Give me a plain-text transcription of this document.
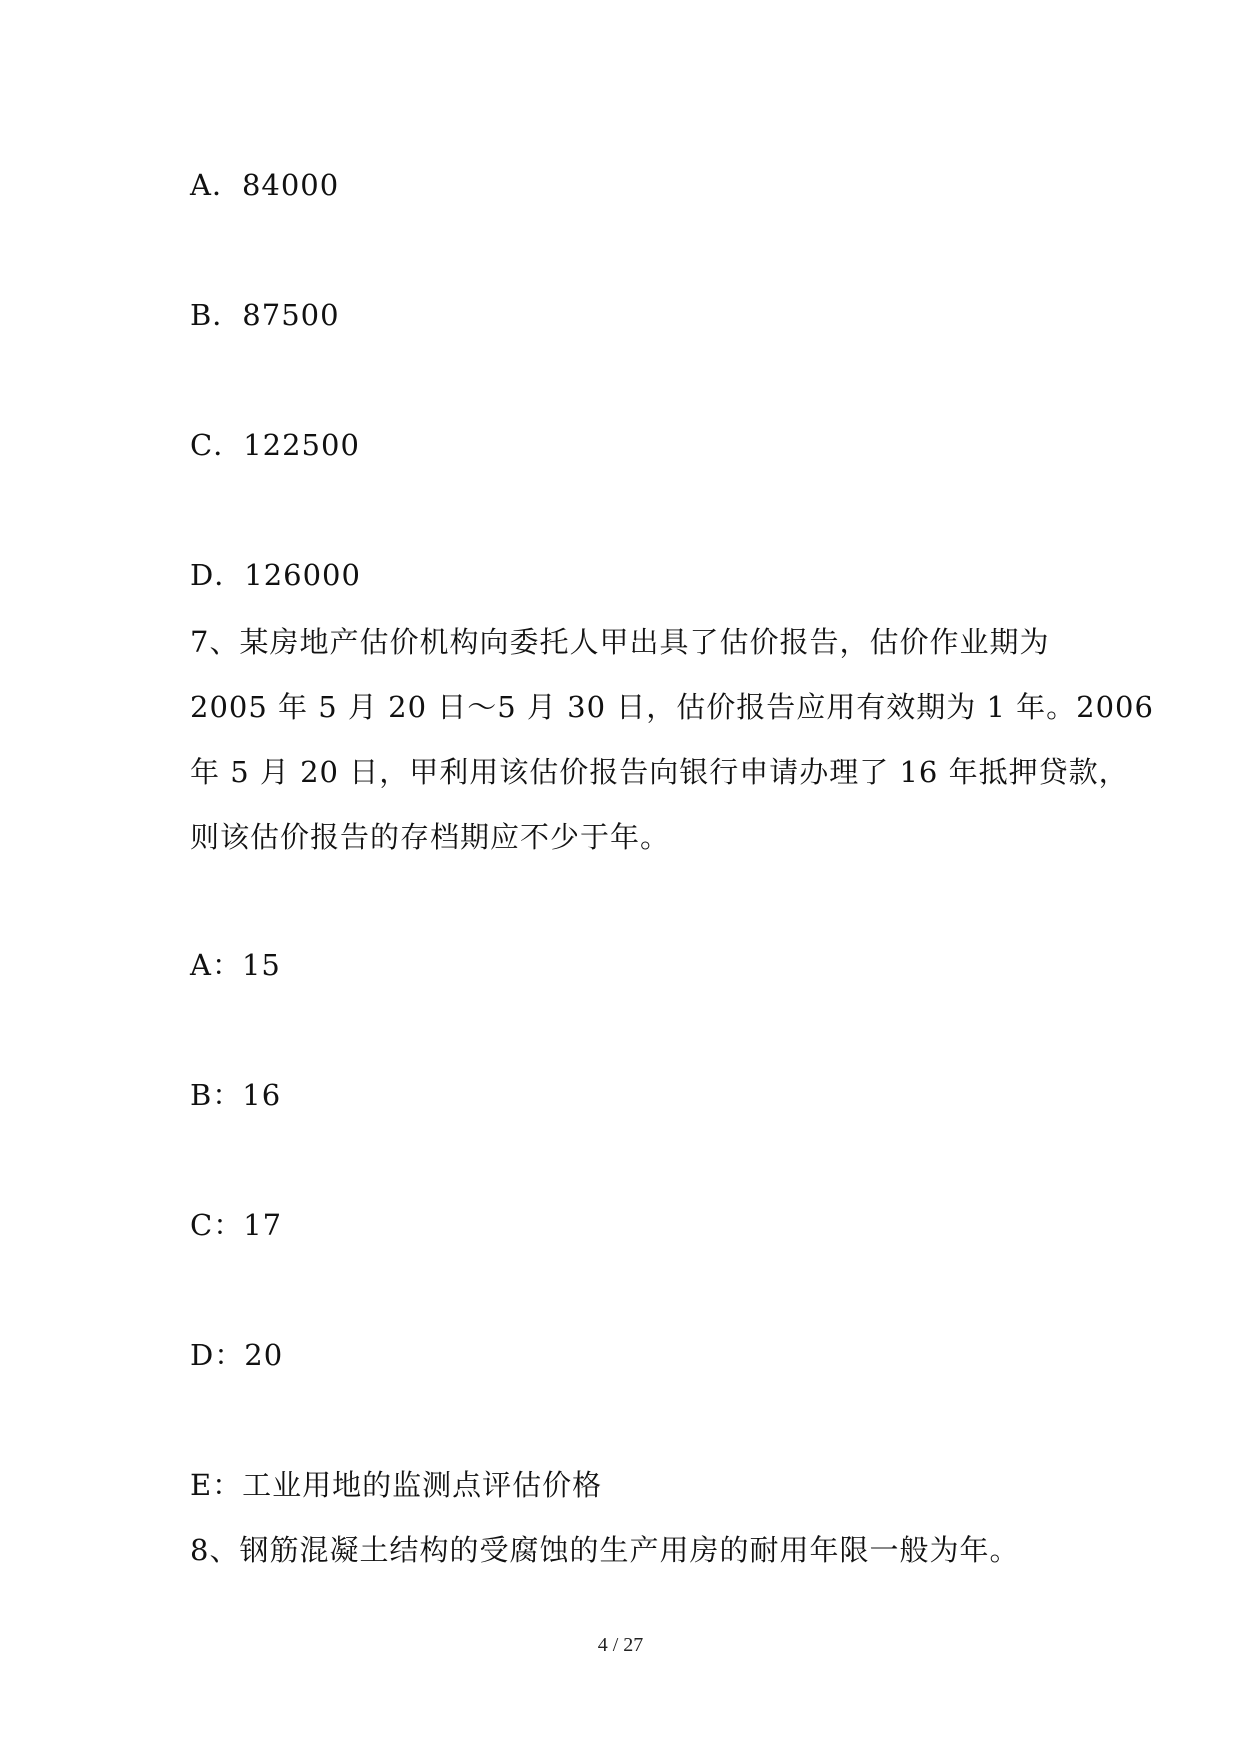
A．84000
B．87500
C．122500
D．126000
7、某房地产估价机构向委托人甲出具了估价报告，估价作业期为
2005 年 5 月 20 日～5 月 30 日，估价报告应用有效期为 1 年。2006
年 5 月 20 日，甲利用该估价报告向银行申请办理了 16 年抵押贷款，
则该估价报告的存档期应不少于年。
A：15
B：16
C：17
D：20
E：工业用地的监测点评估价格
8、钢筋混凝土结构的受腐蚀的生产用房的耐用年限一般为年。
4 / 27
